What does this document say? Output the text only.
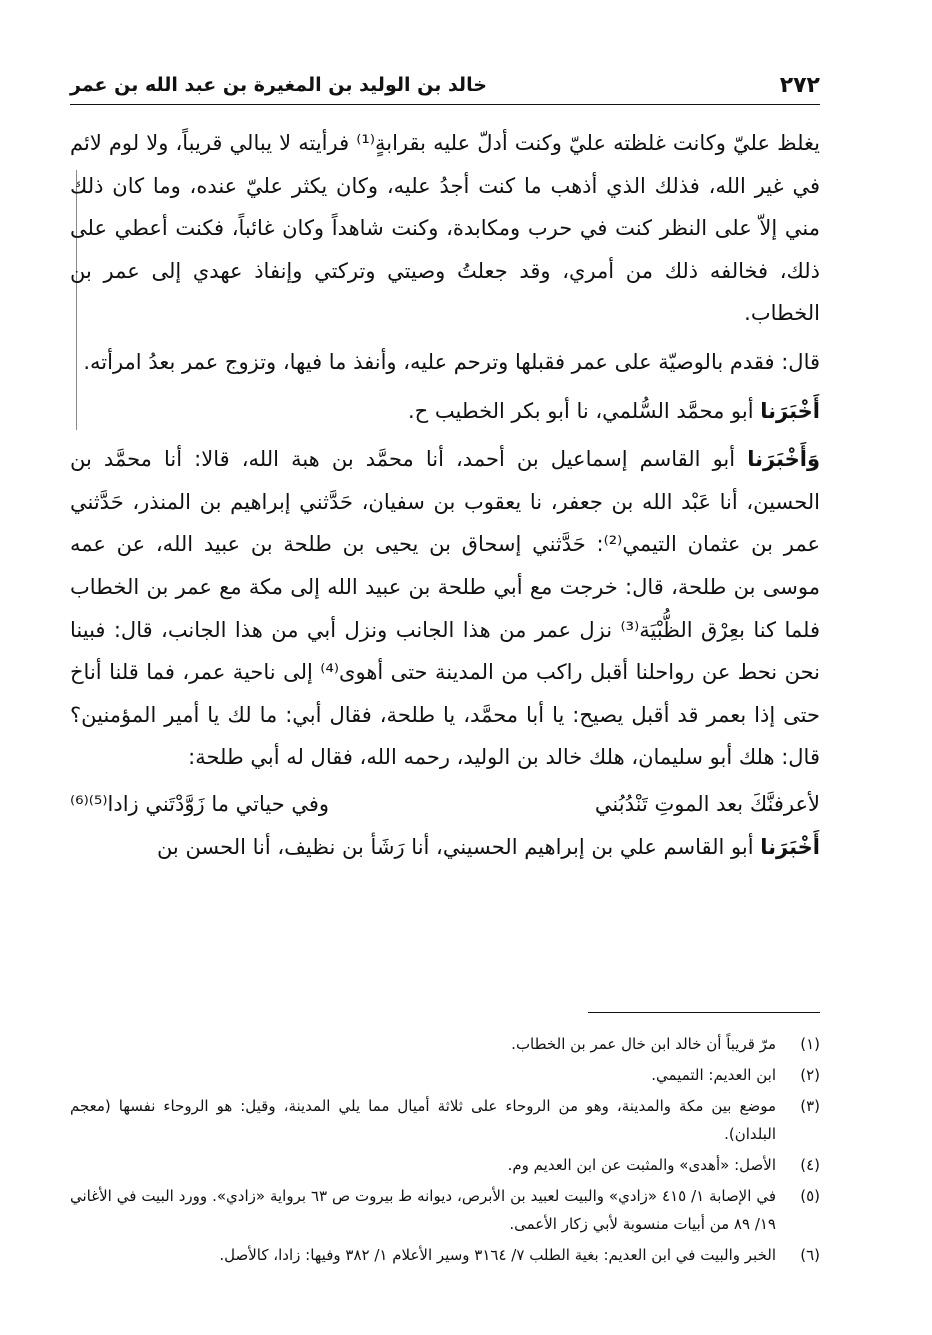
٢٧٢
خالد بن الوليد بن المغيرة بن عبد الله بن عمر

يغلظ عليّ وكانت غلظته عليّ وكنت أدلّ عليه بقرابةٍ⁽¹⁾ فرأيته لا يبالي قريباً، ولا لوم لائم في غير الله، فذلك الذي أذهب ما كنت أجدُ عليه، وكان يكثر عليّ عنده، وما كان ذلك مني إلاّ على النظر كنت في حرب ومكابدة، وكنت شاهداً وكان غائباً، فكنت أعطي على ذلك، فخالفه ذلك من أمري، وقد جعلتُ وصيتي وتركتي وإنفاذ عهدي إلى عمر بن الخطاب.

قال: فقدم بالوصيّة على عمر فقبلها وترحم عليه، وأنفذ ما فيها، وتزوج عمر بعدُ امرأته.

أَخْبَرَنا أبو محمَّد السُّلمي، نا أبو بكر الخطيب ح.

وَأَخْبَرَنا أبو القاسم إسماعيل بن أحمد، أنا محمَّد بن هبة الله، قالا: أنا محمَّد بن الحسين، أنا عَبْد الله بن جعفر، نا يعقوب بن سفيان، حَدَّثني إبراهيم بن المنذر، حَدَّثني عمر بن عثمان التيمي⁽²⁾: حَدَّثني إسحاق بن يحيى بن طلحة بن عبيد الله، عن عمه موسى بن طلحة، قال: خرجت مع أبي طلحة بن عبيد الله إلى مكة مع عمر بن الخطاب فلما كنا بعِرْق الظُّبْيَة⁽³⁾ نزل عمر من هذا الجانب ونزل أبي من هذا الجانب، قال: فبينا نحن نحط عن رواحلنا أقبل راكب من المدينة حتى أهوى⁽⁴⁾ إلى ناحية عمر، فما قلنا أناخ حتى إذا بعمر قد أقبل يصيح: يا أبا محمَّد، يا طلحة، فقال أبي: ما لك يا أمير المؤمنين؟ قال: هلك أبو سليمان، هلك خالد بن الوليد، رحمه الله، فقال له أبي طلحة:

لأعرفنَّكَ بعد الموتِ تَنْدُبُني
وفي حياتي ما زَوَّدْتَني زادا⁽⁵⁾⁽⁶⁾

أَخْبَرَنا أبو القاسم علي بن إبراهيم الحسيني، أنا رَشَأ بن نظيف، أنا الحسن بن

(١)
مرّ قريباً أن خالد ابن خال عمر بن الخطاب.
(٢)
ابن العديم: التميمي.
(٣)
موضع بين مكة والمدينة، وهو من الروحاء على ثلاثة أميال مما يلي المدينة، وقيل: هو الروحاء نفسها (معجم البلدان).
(٤)
الأصل: «أهدى» والمثبت عن ابن العديم وم.
(٥)
في الإصابة ١/ ٤١٥ «زادي» والبيت لعبيد بن الأبرص، ديوانه ط بيروت ص ٦٣ برواية «زادي». وورد البيت في الأغاني ١٩/ ٨٩ من أبيات منسوبة لأبي زكار الأعمى.
(٦)
الخبر والبيت في ابن العديم: بغية الطلب ٧/ ٣١٦٤ وسير الأعلام ١/ ٣٨٢ وفيها: زادا، كالأصل.
